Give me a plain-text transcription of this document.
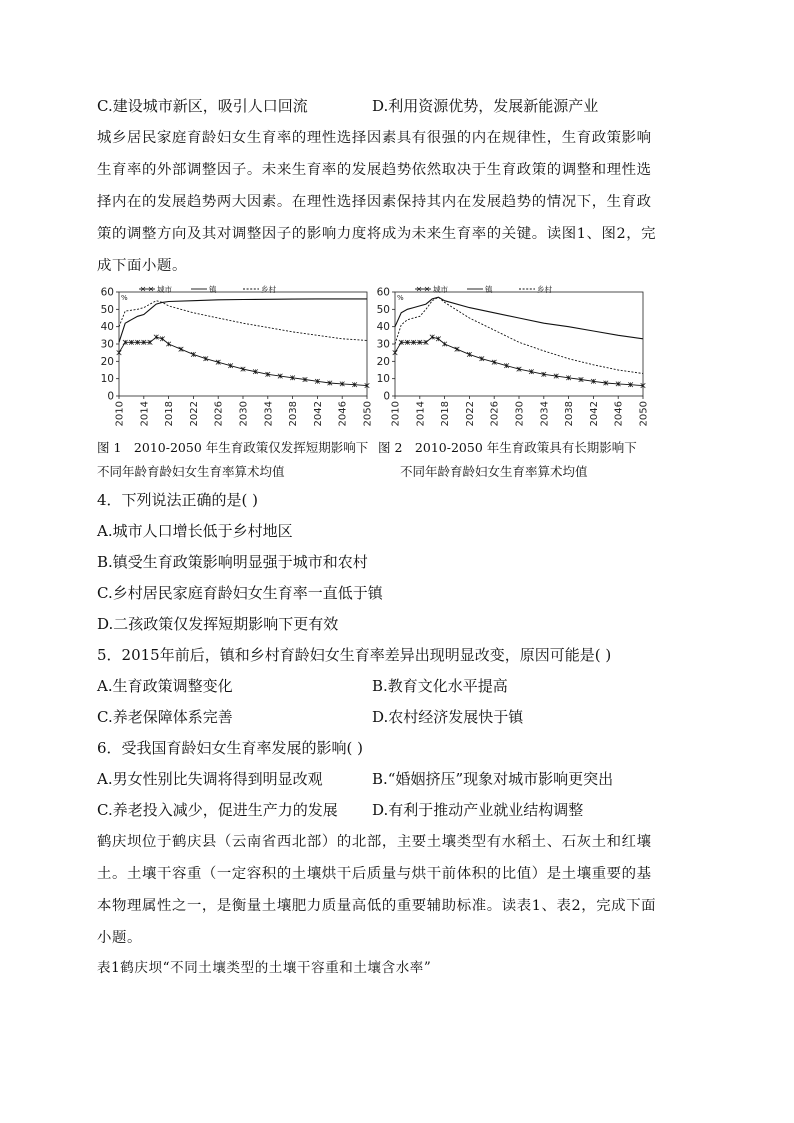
C.建设城市新区，吸引人口回流	D.利用资源优势，发展新能源产业
城乡居民家庭育龄妇女生育率的理性选择因素具有很强的内在规律性，生育政策影响
生育率的外部调整因子。未来生育率的发展趋势依然取决于生育政策的调整和理性选
择内在的发展趋势两大因素。在理性选择因素保持其内在发展趋势的情况下，生育政
策的调整方向及其对调整因子的影响力度将成为未来生育率的关键。读图1、图2，完
成下面小题。
0
10
20
30
40
50
60 %
2010 2014 2018 2022 2026 2030 2034 2038 2042 2046 2050
城市	镇	乡村
0
10
20
30
40
50
60 %
2010 2014 2018 2022 2026 2030 2034 2038 2042 2046 2050
城市	镇	乡村
图 1　2010-2050 年生育政策仅发挥短期影响下
不同年龄育龄妇女生育率算术均值
图 2　2010-2050 年生育政策具有长期影响下
不同年龄育龄妇女生育率算术均值
4．下列说法正确的是( )
A.城市人口增长低于乡村地区
B.镇受生育政策影响明显强于城市和农村
C.乡村居民家庭育龄妇女生育率一直低于镇
D.二孩政策仅发挥短期影响下更有效
5．2015年前后，镇和乡村育龄妇女生育率差异出现明显改变，原因可能是( )
A.生育政策调整变化	B.教育文化水平提高
C.养老保障体系完善	D.农村经济发展快于镇
6．受我国育龄妇女生育率发展的影响( )
A.男女性别比失调将得到明显改观	B.“婚姻挤压”现象对城市影响更突出
C.养老投入减少，促进生产力的发展 D.有利于推动产业就业结构调整
鹤庆坝位于鹤庆县（云南省西北部）的北部，主要土壤类型有水稻土、石灰土和红壤
土。土壤干容重（一定容积的土壤烘干后质量与烘干前体积的比值）是土壤重要的基
本物理属性之一，是衡量土壤肥力质量高低的重要辅助标准。读表1、表2，完成下面
小题。
表1鹤庆坝“不同土壤类型的土壤干容重和土壤含水率”
